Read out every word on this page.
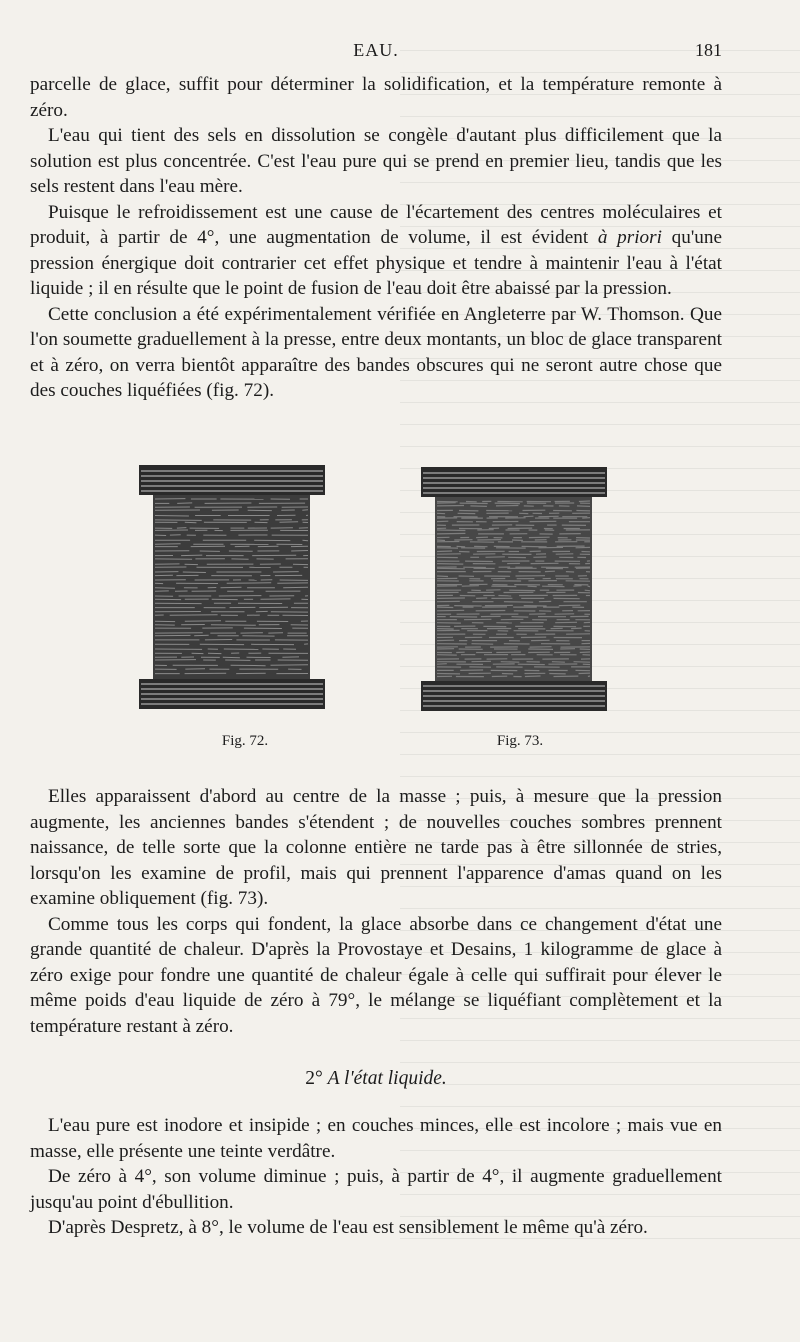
EAU.	181

parcelle de glace, suffit pour déterminer la solidification, et la température remonte à zéro.

L'eau qui tient des sels en dissolution se congèle d'autant plus difficilement que la solution est plus concentrée. C'est l'eau pure qui se prend en premier lieu, tandis que les sels restent dans l'eau mère.

Puisque le refroidissement est une cause de l'écartement des centres moléculaires et produit, à partir de 4°, une augmentation de volume, il est évident à priori qu'une pression énergique doit contrarier cet effet physique et tendre à maintenir l'eau à l'état liquide ; il en résulte que le point de fusion de l'eau doit être abaissé par la pression.

Cette conclusion a été expérimentalement vérifiée en Angleterre par W. Thomson. Que l'on soumette graduellement à la presse, entre deux montants, un bloc de glace transparent et à zéro, on verra bientôt apparaître des bandes obscures qui ne seront autre chose que des couches liquéfiées (fig. 72).

Fig. 72.	Fig. 73.

Elles apparaissent d'abord au centre de la masse ; puis, à mesure que la pression augmente, les anciennes bandes s'étendent ; de nouvelles couches sombres prennent naissance, de telle sorte que la colonne entière ne tarde pas à être sillonnée de stries, lorsqu'on les examine de profil, mais qui prennent l'apparence d'amas quand on les examine obliquement (fig. 73).

Comme tous les corps qui fondent, la glace absorbe dans ce changement d'état une grande quantité de chaleur. D'après la Provostaye et Desains, 1 kilogramme de glace à zéro exige pour fondre une quantité de chaleur égale à celle qui suffirait pour élever le même poids d'eau liquide de zéro à 79°, le mélange se liquéfiant complètement et la température restant à zéro.

2° A l'état liquide.

L'eau pure est inodore et insipide ; en couches minces, elle est incolore ; mais vue en masse, elle présente une teinte verdâtre.

De zéro à 4°, son volume diminue ; puis, à partir de 4°, il augmente graduellement jusqu'au point d'ébullition.

D'après Despretz, à 8°, le volume de l'eau est sensiblement le même qu'à zéro.
